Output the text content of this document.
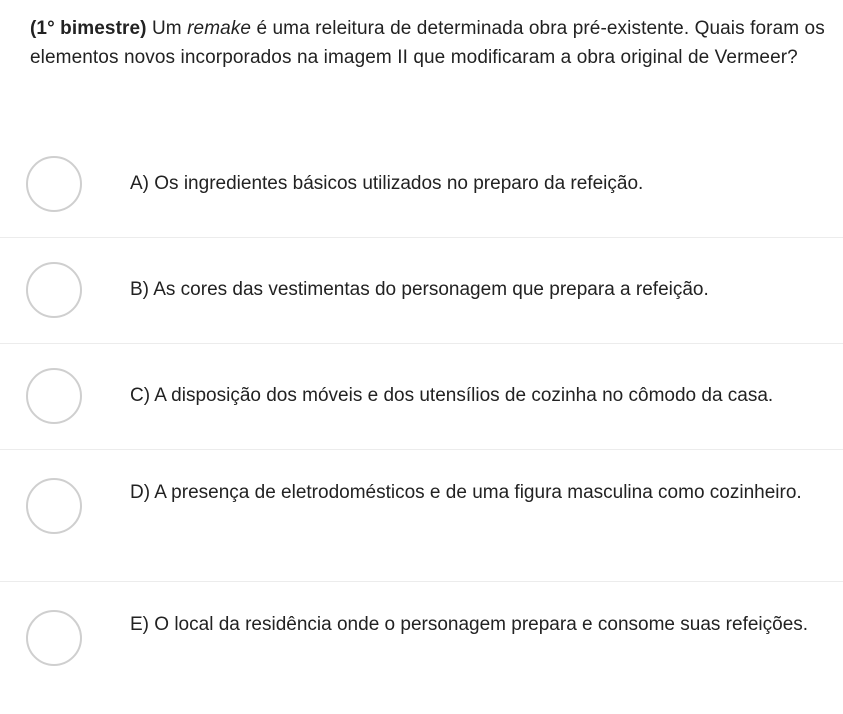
(1° bimestre) Um remake é uma releitura de determinada obra pré-existente. Quais foram os elementos novos incorporados na imagem II que modificaram a obra original de Vermeer?
A) Os ingredientes básicos utilizados no preparo da refeição.
B) As cores das vestimentas do personagem que prepara a refeição.
C) A disposição dos móveis e dos utensílios de cozinha no cômodo da casa.
D) A presença de eletrodomésticos e de uma figura masculina como cozinheiro.
E) O local da residência onde o personagem prepara e consome suas refeições.
